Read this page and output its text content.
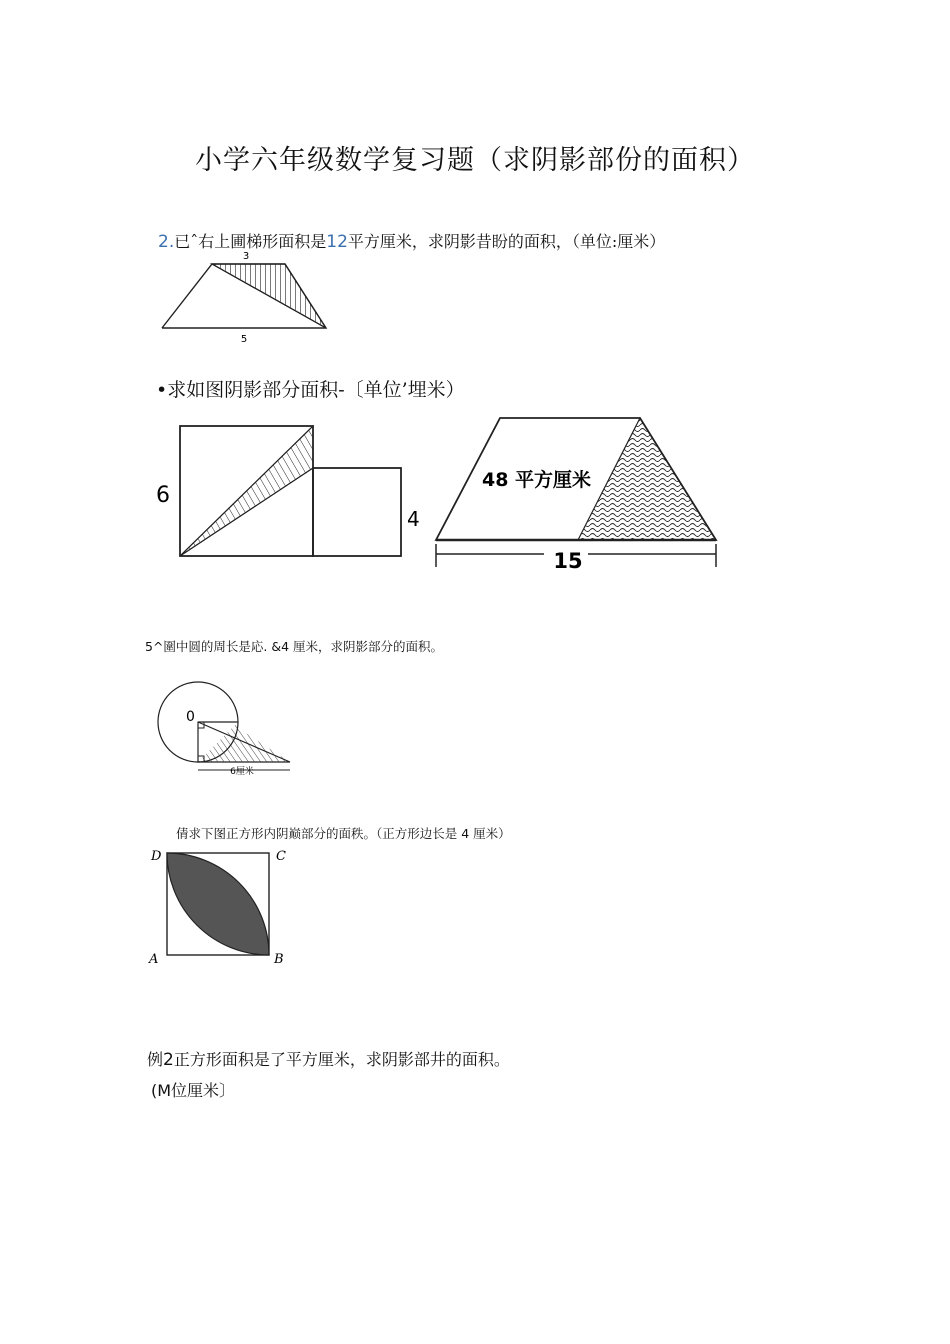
小学六年级数学复习题（求阴影部份的面积）
2.已ˆ右上圃梯形面积是12平方厘米，求阴影昔盼的面积，（单位:厘米）
3
5
•求如图阴影部分面积-〔单位’埋米）
6
4
48 平方厘米
15
5^圍中圆的周长是応. &4 厘米，求阴影部分的面积。
0
6厘米
倩求下图正方形内阴巅部分的面秩。（正方形边长是 4 厘米）
D	C
A	B
例2正方形面积是了平方厘米，求阴影部井的面积。
(M位厘米〕
